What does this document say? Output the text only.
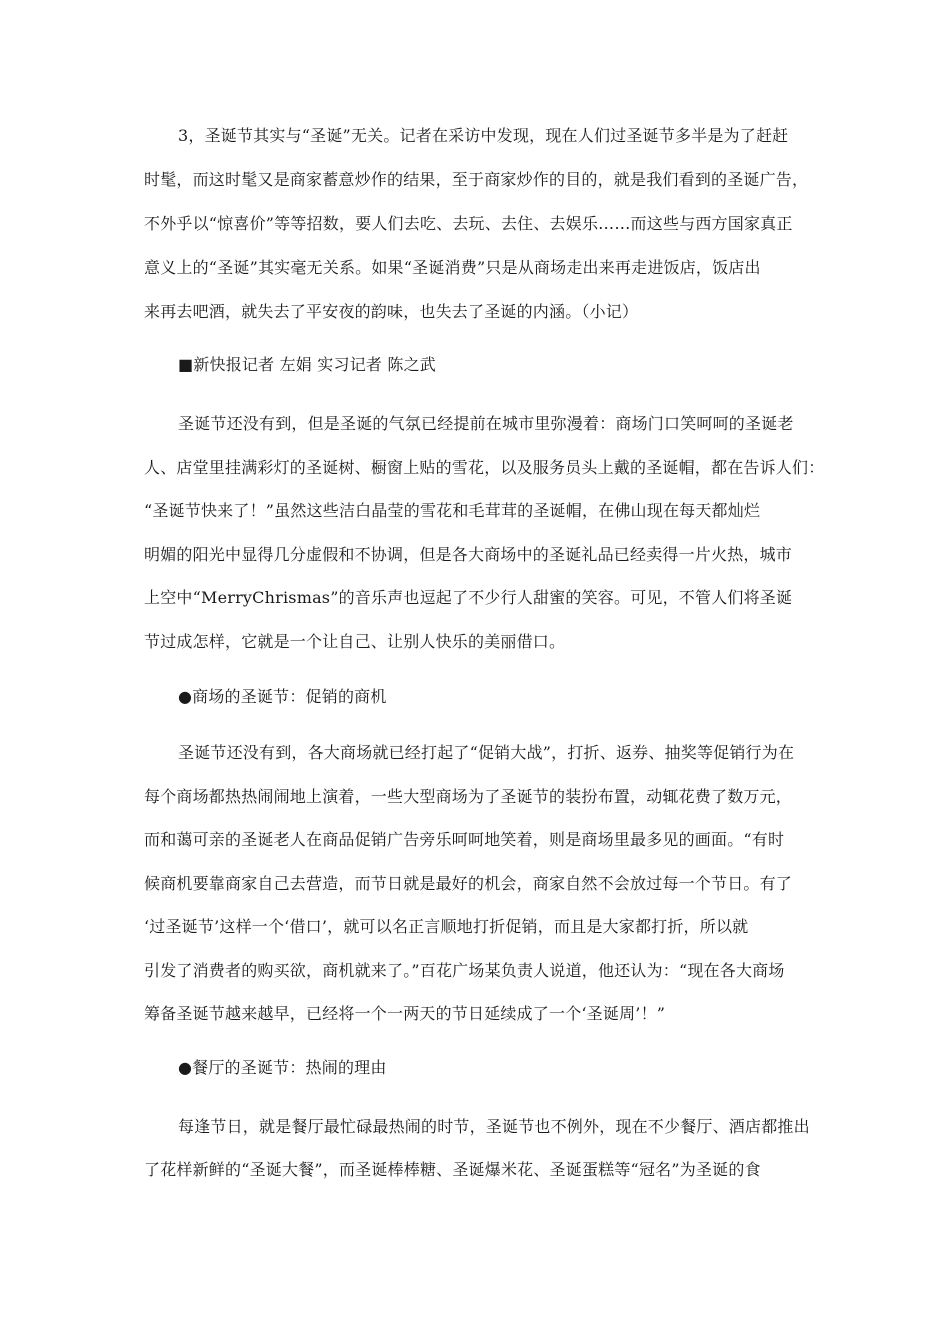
3，圣诞节其实与“圣诞”无关。记者在采访中发现，现在人们过圣诞节多半是为了赶赶
时髦，而这时髦又是商家蓄意炒作的结果，至于商家炒作的目的，就是我们看到的圣诞广告，
不外乎以“惊喜价”等等招数，要人们去吃、去玩、去住、去娱乐……而这些与西方国家真正
意义上的“圣诞”其实毫无关系。如果“圣诞消费”只是从商场走出来再走进饭店，饭店出
来再去吧酒，就失去了平安夜的韵味，也失去了圣诞的内涵。（小记）
■新快报记者 左娟 实习记者 陈之武
圣诞节还没有到，但是圣诞的气氛已经提前在城市里弥漫着：商场门口笑呵呵的圣诞老
人、店堂里挂满彩灯的圣诞树、橱窗上贴的雪花，以及服务员头上戴的圣诞帽，都在告诉人们：
“圣诞节快来了！”虽然这些洁白晶莹的雪花和毛茸茸的圣诞帽，在佛山现在每天都灿烂
明媚的阳光中显得几分虚假和不协调，但是各大商场中的圣诞礼品已经卖得一片火热，城市
上空中“MerryChrismas”的音乐声也逗起了不少行人甜蜜的笑容。可见，不管人们将圣诞
节过成怎样，它就是一个让自己、让别人快乐的美丽借口。
●商场的圣诞节：促销的商机
圣诞节还没有到，各大商场就已经打起了“促销大战”，打折、返券、抽奖等促销行为在
每个商场都热热闹闹地上演着，一些大型商场为了圣诞节的装扮布置，动辄花费了数万元，
而和蔼可亲的圣诞老人在商品促销广告旁乐呵呵地笑着，则是商场里最多见的画面。“有时
候商机要靠商家自己去营造，而节日就是最好的机会，商家自然不会放过每一个节日。有了
‘过圣诞节’这样一个‘借口’，就可以名正言顺地打折促销，而且是大家都打折，所以就
引发了消费者的购买欲，商机就来了。”百花广场某负责人说道，他还认为：“现在各大商场
筹备圣诞节越来越早，已经将一个一两天的节日延续成了一个‘圣诞周’！”
●餐厅的圣诞节：热闹的理由
每逢节日，就是餐厅最忙碌最热闹的时节，圣诞节也不例外，现在不少餐厅、酒店都推出
了花样新鲜的“圣诞大餐”，而圣诞棒棒糖、圣诞爆米花、圣诞蛋糕等“冠名”为圣诞的食
